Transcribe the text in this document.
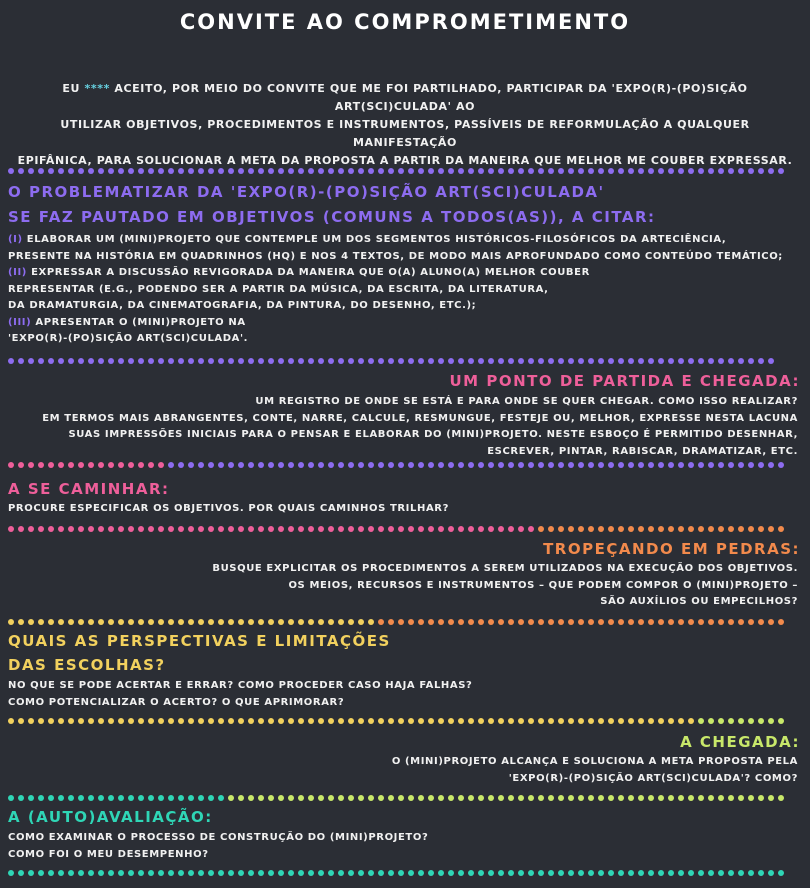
CONVITE AO COMPROMETIMENTO
EU **** ACEITO, POR MEIO DO CONVITE QUE ME FOI PARTILHADO, PARTICIPAR DA 'EXPO(R)-(PO)SIÇÃO ART(SCI)CULADA' AO
UTILIZAR OBJETIVOS, PROCEDIMENTOS E INSTRUMENTOS, PASSÍVEIS DE REFORMULAÇÃO A QUALQUER MANIFESTAÇÃO
EPIFÂNICA, PARA SOLUCIONAR A META DA PROPOSTA A PARTIR DA MANEIRA QUE MELHOR ME COUBER EXPRESSAR.
O PROBLEMATIZAR DA 'EXPO(R)-(PO)SIÇÃO ART(SCI)CULADA'
SE FAZ PAUTADO EM OBJETIVOS (COMUNS A TODOS(AS)), A CITAR:
(I) ELABORAR UM (MINI)PROJETO QUE CONTEMPLE UM DOS SEGMENTOS HISTÓRICOS-FILOSÓFICOS DA ARTECIÊNCIA,
PRESENTE NA HISTÓRIA EM QUADRINHOS (HQ) E NOS 4 TEXTOS, DE MODO MAIS APROFUNDADO COMO CONTEÚDO TEMÁTICO;
(II) EXPRESSAR A DISCUSSÃO REVIGORADA DA MANEIRA QUE O(A) ALUNO(A) MELHOR COUBER
REPRESENTAR (E.G., PODENDO SER A PARTIR DA MÚSICA, DA ESCRITA, DA LITERATURA,
DA DRAMATURGIA, DA CINEMATOGRAFIA, DA PINTURA, DO DESENHO, ETC.);
(III) APRESENTAR O (MINI)PROJETO NA
'EXPO(R)-(PO)SIÇÃO ART(SCI)CULADA'.
UM PONTO DE PARTIDA E CHEGADA:
UM REGISTRO DE ONDE SE ESTÁ E PARA ONDE SE QUER CHEGAR. COMO ISSO REALIZAR?
EM TERMOS MAIS ABRANGENTES, CONTE, NARRE, CALCULE, RESMUNGUE, FESTEJE OU, MELHOR, EXPRESSE NESTA LACUNA
SUAS IMPRESSÕES INICIAIS PARA O PENSAR E ELABORAR DO (MINI)PROJETO. NESTE ESBOÇO É PERMITIDO DESENHAR,
ESCREVER, PINTAR, RABISCAR, DRAMATIZAR, ETC.
A SE CAMINHAR:
PROCURE ESPECIFICAR OS OBJETIVOS. POR QUAIS CAMINHOS TRILHAR?
TROPEÇANDO EM PEDRAS:
BUSQUE EXPLICITAR OS PROCEDIMENTOS A SEREM UTILIZADOS NA EXECUÇÃO DOS OBJETIVOS.
OS MEIOS, RECURSOS E INSTRUMENTOS – QUE PODEM COMPOR O (MINI)PROJETO –
SÃO AUXÍLIOS OU EMPECILHOS?
QUAIS AS PERSPECTIVAS E LIMITAÇÕES
DAS ESCOLHAS?
NO QUE SE PODE ACERTAR E ERRAR? COMO PROCEDER CASO HAJA FALHAS?
COMO POTENCIALIZAR O ACERTO? O QUE APRIMORAR?
A CHEGADA:
O (MINI)PROJETO ALCANÇA E SOLUCIONA A META PROPOSTA PELA
'EXPO(R)-(PO)SIÇÃO ART(SCI)CULADA'? COMO?
A (AUTO)AVALIAÇÃO:
COMO EXAMINAR O PROCESSO DE CONSTRUÇÃO DO (MINI)PROJETO?
COMO FOI O MEU DESEMPENHO?
